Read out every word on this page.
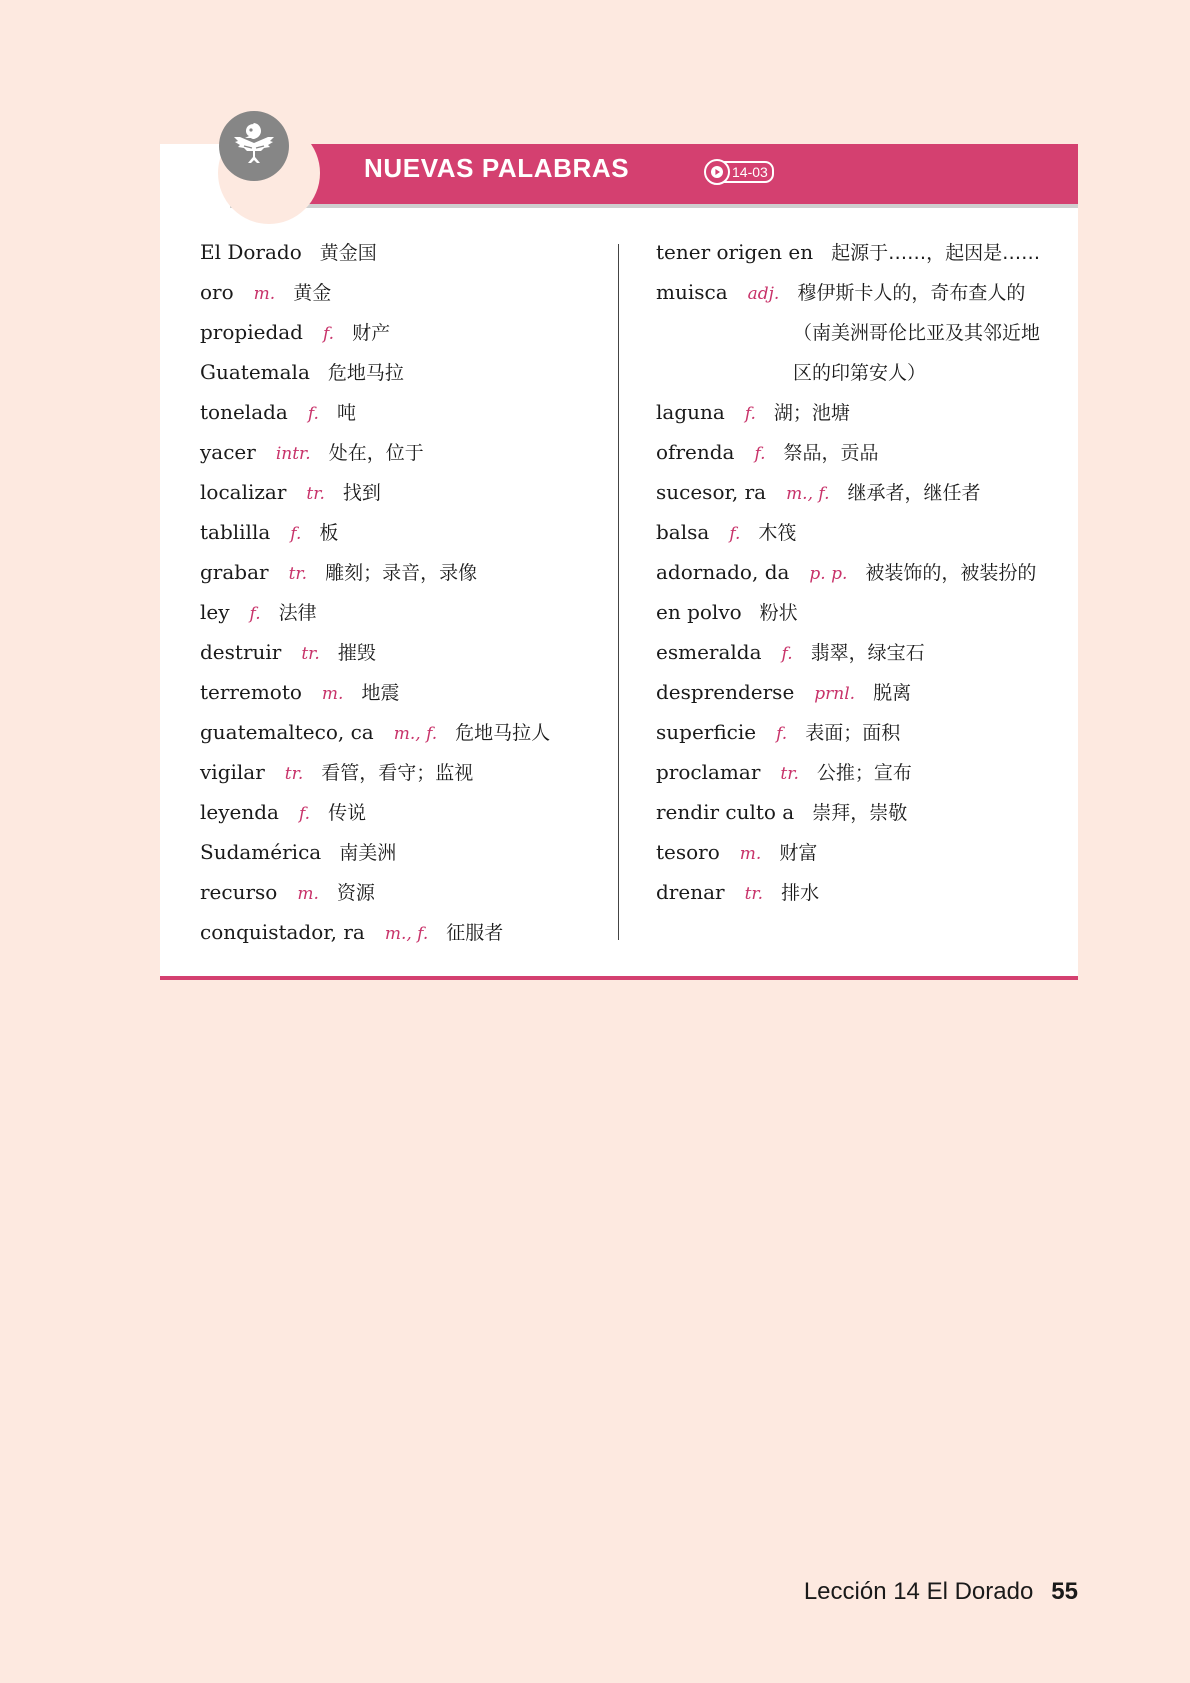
NUEVAS PALABRAS	14-03
El Dorado 黄金国
oro m. 黄金
propiedad f. 财产
Guatemala 危地马拉
tonelada f. 吨
yacer intr. 处在，位于
localizar tr. 找到
tablilla f. 板
grabar tr. 雕刻；录音，录像
ley f. 法律
destruir tr. 摧毁
terremoto m. 地震
guatemalteco, ca m., f. 危地马拉人
vigilar tr. 看管，看守；监视
leyenda f. 传说
Sudamérica 南美洲
recurso m. 资源
conquistador, ra m., f. 征服者
tener origen en 起源于……，起因是……
muisca adj. 穆伊斯卡人的，奇布查人的
（南美洲哥伦比亚及其邻近地
区的印第安人）
laguna f. 湖；池塘
ofrenda f. 祭品，贡品
sucesor, ra m., f. 继承者，继任者
balsa f. 木筏
adornado, da p. p. 被装饰的，被装扮的
en polvo 粉状
esmeralda f. 翡翠，绿宝石
desprenderse prnl. 脱离
superficie f. 表面；面积
proclamar tr. 公推；宣布
rendir culto a 崇拜，崇敬
tesoro m. 财富
drenar tr. 排水
Lección 14 El Dorado 55
